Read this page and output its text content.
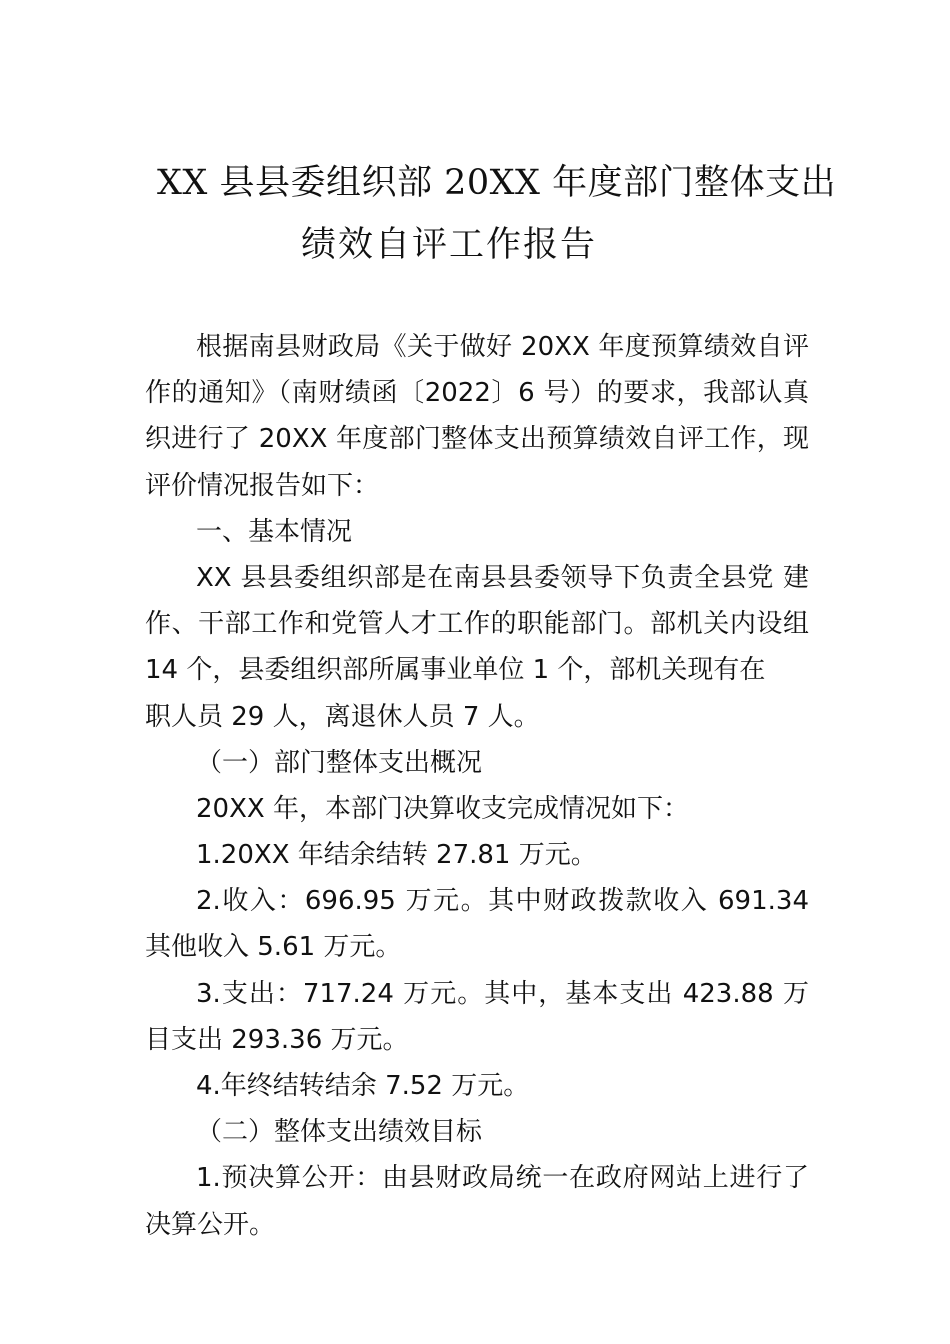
XX 县县委组织部 20XX 年度部门整体支出
绩效自评工作报告
根据南县财政局《关于做好 20XX 年度预算绩效自评
作的通知》（南财绩函〔2022〕6 号）的要求，我部认真
织进行了 20XX 年度部门整体支出预算绩效自评工作，现
评价情况报告如下：
一、基本情况
XX 县县委组织部是在南县县委领导下负责全县党 建
作、干部工作和党管人才工作的职能部门。部机关内设组
14 个，县委组织部所属事业单位 1 个，部机关现有在
职人员 29 人，离退休人员 7 人。
（一）部门整体支出概况
20XX 年，本部门决算收支完成情况如下：
1.20XX 年结余结转 27.81 万元。
2.收入：696.95 万元。其中财政拨款收入 691.34
其他收入 5.61 万元。
3.支出：717.24 万元。其中，基本支出 423.88 万
目支出 293.36 万元。
4.年终结转结余 7.52 万元。
（二）整体支出绩效目标
1.预决算公开：由县财政局统一在政府网站上进行了
决算公开。
